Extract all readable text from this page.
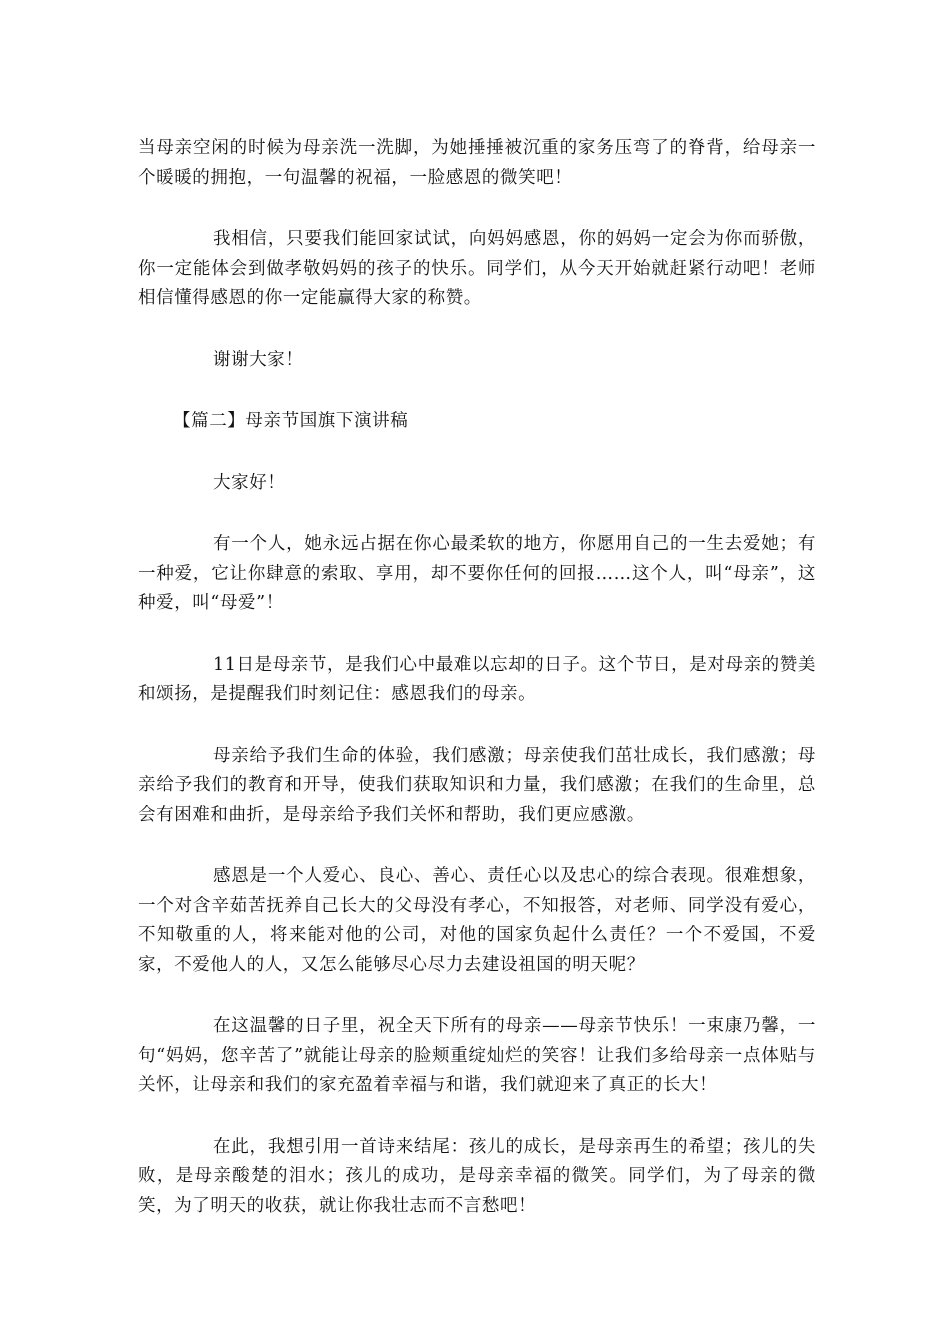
当母亲空闲的时候为母亲洗一洗脚，为她捶捶被沉重的家务压弯了的脊背，给母亲一个暖暖的拥抱，一句温馨的祝福，一脸感恩的微笑吧！

我相信，只要我们能回家试试，向妈妈感恩，你的妈妈一定会为你而骄傲，你一定能体会到做孝敬妈妈的孩子的快乐。同学们，从今天开始就赶紧行动吧！老师相信懂得感恩的你一定能赢得大家的称赞。

谢谢大家！

【篇二】母亲节国旗下演讲稿

大家好！

有一个人，她永远占据在你心最柔软的地方，你愿用自己的一生去爱她；有一种爱，它让你肆意的索取、享用，却不要你任何的回报……这个人，叫“母亲”，这种爱，叫“母爱”！

11日是母亲节，是我们心中最难以忘却的日子。这个节日，是对母亲的赞美和颂扬，是提醒我们时刻记住：感恩我们的母亲。

母亲给予我们生命的体验，我们感激；母亲使我们茁壮成长，我们感激；母亲给予我们的教育和开导，使我们获取知识和力量，我们感激；在我们的生命里，总会有困难和曲折，是母亲给予我们关怀和帮助，我们更应感激。

感恩是一个人爱心、良心、善心、责任心以及忠心的综合表现。很难想象，一个对含辛茹苦抚养自己长大的父母没有孝心，不知报答，对老师、同学没有爱心，不知敬重的人，将来能对他的公司，对他的国家负起什么责任？一个不爱国，不爱家，不爱他人的人，又怎么能够尽心尽力去建设祖国的明天呢？

在这温馨的日子里，祝全天下所有的母亲——母亲节快乐！一束康乃馨，一句“妈妈，您辛苦了”就能让母亲的脸颊重绽灿烂的笑容！让我们多给母亲一点体贴与关怀，让母亲和我们的家充盈着幸福与和谐，我们就迎来了真正的长大！

在此，我想引用一首诗来结尾：孩儿的成长，是母亲再生的希望；孩儿的失败，是母亲酸楚的泪水；孩儿的成功，是母亲幸福的微笑。同学们，为了母亲的微笑，为了明天的收获，就让你我壮志而不言愁吧！
